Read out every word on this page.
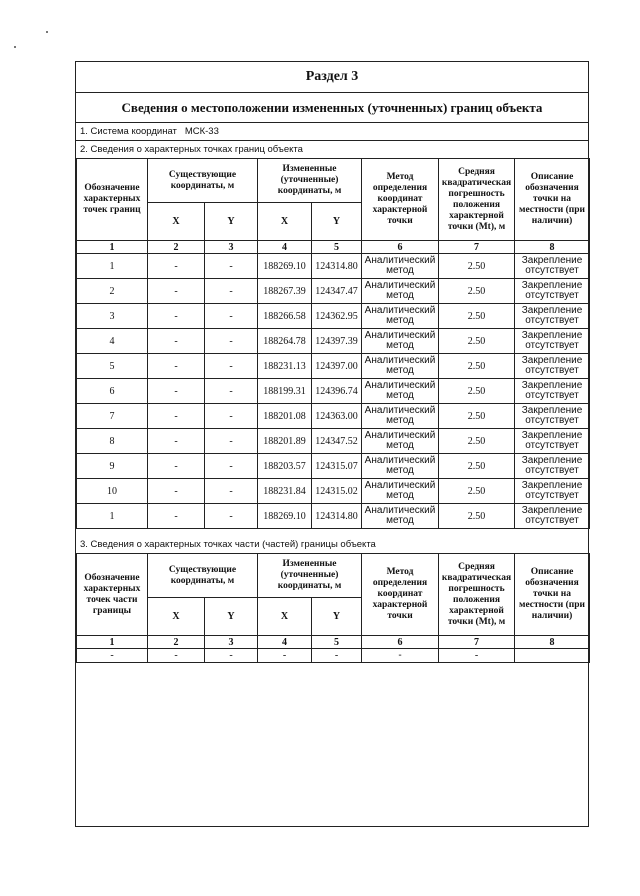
Раздел 3
Сведения о местоположении измененных (уточненных) границ объекта
1. Система координат
МСК-33
2. Сведения о характерных точках границ объекта
Обозначение характерных точек границ	Существующие координаты, м		Измененные (уточненные) координаты, м		Метод определения координат характерной точки	Средняя квадратическая погрешность положения характерной точки (Mt), м	Описание обозначения точки на местности (при наличии)
	X	Y	X	Y			
1	2	3	4	5	6	7	8
1	-	-	188269.10	124314.80	Аналитический метод	2.50	Закрепление отсутствует
2	-	-	188267.39	124347.47	Аналитический метод	2.50	Закрепление отсутствует
3	-	-	188266.58	124362.95	Аналитический метод	2.50	Закрепление отсутствует
4	-	-	188264.78	124397.39	Аналитический метод	2.50	Закрепление отсутствует
5	-	-	188231.13	124397.00	Аналитический метод	2.50	Закрепление отсутствует
6	-	-	188199.31	124396.74	Аналитический метод	2.50	Закрепление отсутствует
7	-	-	188201.08	124363.00	Аналитический метод	2.50	Закрепление отсутствует
8	-	-	188201.89	124347.52	Аналитический метод	2.50	Закрепление отсутствует
9	-	-	188203.57	124315.07	Аналитический метод	2.50	Закрепление отсутствует
10	-	-	188231.84	124315.02	Аналитический метод	2.50	Закрепление отсутствует
1	-	-	188269.10	124314.80	Аналитический метод	2.50	Закрепление отсутствует
3. Сведения о характерных точках части (частей) границы объекта
Обозначение характерных точек части границы	Существующие координаты, м		Измененные (уточненные) координаты, м		Метод определения координат характерной точки	Средняя квадратическая погрешность положения характерной точки (Mt), м	Описание обозначения точки на местности (при наличии)
	X	Y	X	Y			
1	2	3	4	5	6	7	8
-	-	-	-	-	-	-	
